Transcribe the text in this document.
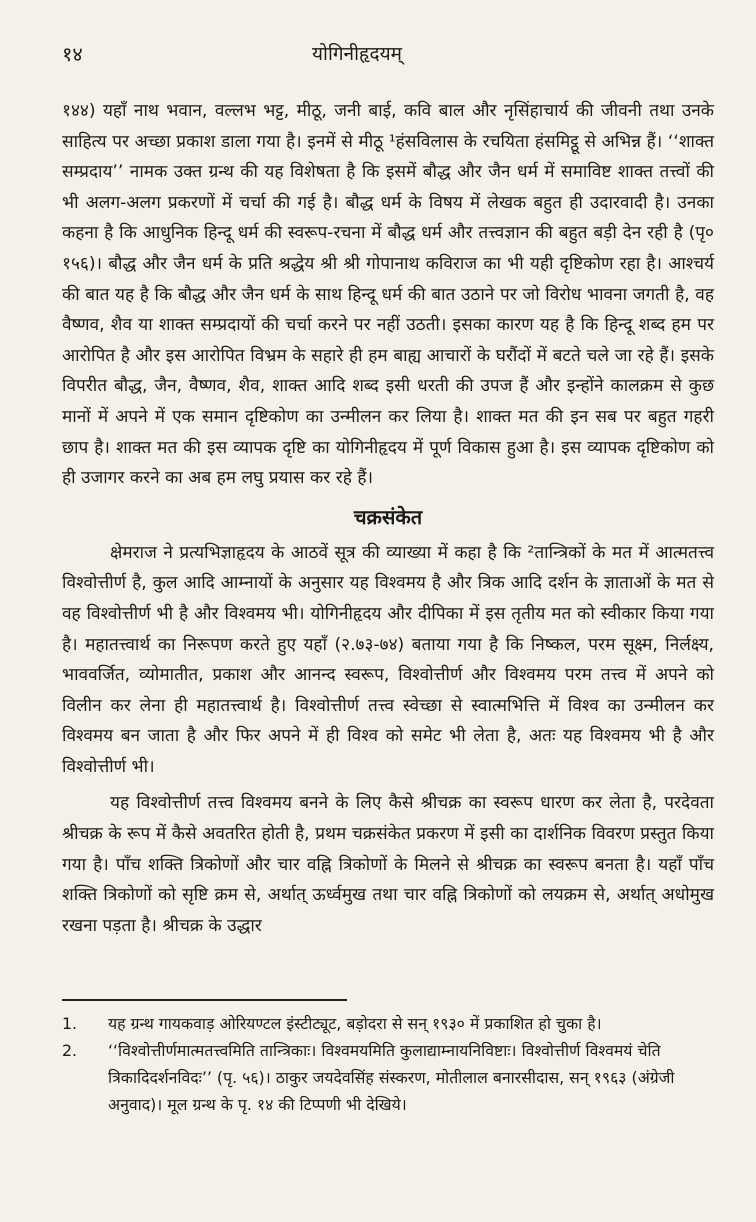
१४	योगिनीहृदयम्

१४४) यहाँ नाथ भवान, वल्लभ भट्ट, मीठू, जनी बाई, कवि बाल और नृसिंहाचार्य की जीवनी तथा उनके साहित्य पर अच्छा प्रकाश डाला गया है। इनमें से मीठू ¹हंसविलास के रचयिता हंसमिट्ठू से अभिन्न हैं। ‘‘शाक्त सम्प्रदाय’’ नामक उक्त ग्रन्थ की यह विशेषता है कि इसमें बौद्ध और जैन धर्म में समाविष्ट शाक्त तत्त्वों की भी अलग-अलग प्रकरणों में चर्चा की गई है। बौद्ध धर्म के विषय में लेखक बहुत ही उदारवादी है। उनका कहना है कि आधुनिक हिन्दू धर्म की स्वरूप-रचना में बौद्ध धर्म और तत्त्वज्ञान की बहुत बड़ी देन रही है (पृ० १५६)। बौद्ध और जैन धर्म के प्रति श्रद्धेय श्री श्री गोपानाथ कविराज का भी यही दृष्टिकोण रहा है। आश्चर्य की बात यह है कि बौद्ध और जैन धर्म के साथ हिन्दू धर्म की बात उठाने पर जो विरोध भावना जगती है, वह वैष्णव, शैव या शाक्त सम्प्रदायों की चर्चा करने पर नहीं उठती। इसका कारण यह है कि हिन्दू शब्द हम पर आरोपित है और इस आरोपित विभ्रम के सहारे ही हम बाह्य आचारों के घरौंदों में बटते चले जा रहे हैं। इसके विपरीत बौद्ध, जैन, वैष्णव, शैव, शाक्त आदि शब्द इसी धरती की उपज हैं और इन्होंने कालक्रम से कुछ मानों में अपने में एक समान दृष्टिकोण का उन्मीलन कर लिया है। शाक्त मत की इन सब पर बहुत गहरी छाप है। शाक्त मत की इस व्यापक दृष्टि का योगिनीहृदय में पूर्ण विकास हुआ है। इस व्यापक दृष्टिकोण को ही उजागर करने का अब हम लघु प्रयास कर रहे हैं।

चक्रसंकेत

क्षेमराज ने प्रत्यभिज्ञाहृदय के आठवें सूत्र की व्याख्या में कहा है कि ²तान्त्रिकों के मत में आत्मतत्त्व विश्वोत्तीर्ण है, कुल आदि आम्नायों के अनुसार यह विश्वमय है और त्रिक आदि दर्शन के ज्ञाताओं के मत से वह विश्वोत्तीर्ण भी है और विश्वमय भी। योगिनीहृदय और दीपिका में इस तृतीय मत को स्वीकार किया गया है। महातत्त्वार्थ का निरूपण करते हुए यहाँ (२.७३-७४) बताया गया है कि निष्कल, परम सूक्ष्म, निर्लक्ष्य, भाववर्जित, व्योमातीत, प्रकाश और आनन्द स्वरूप, विश्वोत्तीर्ण और विश्वमय परम तत्त्व में अपने को विलीन कर लेना ही महातत्त्वार्थ है। विश्वोत्तीर्ण तत्त्व स्वेच्छा से स्वात्मभित्ति में विश्व का उन्मीलन कर विश्वमय बन जाता है और फिर अपने में ही विश्व को समेट भी लेता है, अतः यह विश्वमय भी है और विश्वोत्तीर्ण भी।

यह विश्वोत्तीर्ण तत्त्व विश्वमय बनने के लिए कैसे श्रीचक्र का स्वरूप धारण कर लेता है, परदेवता श्रीचक्र के रूप में कैसे अवतरित होती है, प्रथम चक्रसंकेत प्रकरण में इसी का दार्शनिक विवरण प्रस्तुत किया गया है। पाँच शक्ति त्रिकोणों और चार वह्नि त्रिकोणों के मिलने से श्रीचक्र का स्वरूप बनता है। यहाँ पाँच शक्ति त्रिकोणों को सृष्टि क्रम से, अर्थात् ऊर्ध्वमुख तथा चार वह्नि त्रिकोणों को लयक्रम से, अर्थात् अधोमुख रखना पड़ता है। श्रीचक्र के उद्धार

1. यह ग्रन्थ गायकवाड़ ओरियण्टल इंस्टीट्यूट, बड़ोदरा से सन् १९३० में प्रकाशित हो चुका है।

2. ‘‘विश्वोत्तीर्णमात्मतत्त्वमिति तान्त्रिकाः। विश्वमयमिति कुलाद्याम्नायनिविष्टाः। विश्वोत्तीर्ण विश्वमयं चेति त्रिकादिदर्शनविदः’’ (पृ. ५६)। ठाकुर जयदेवसिंह संस्करण, मोतीलाल बनारसीदास, सन् १९६३ (अंग्रेजी अनुवाद)। मूल ग्रन्थ के पृ. १४ की टिप्पणी भी देखिये।
